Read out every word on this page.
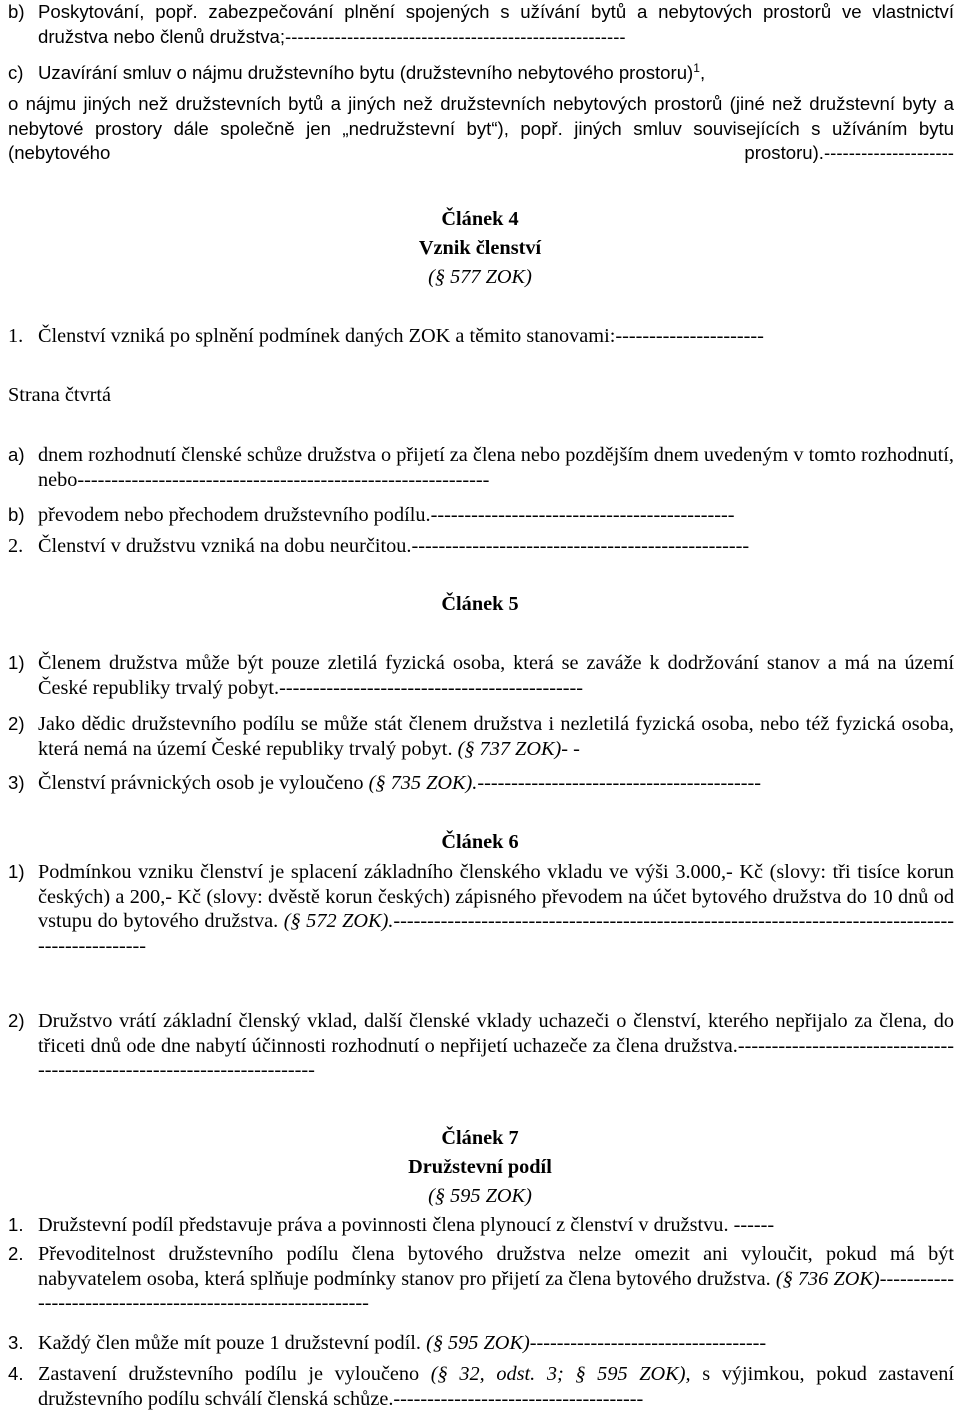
b) Poskytování, popř. zabezpečování plnění spojených s užívání bytů a nebytových prostorů ve vlastnictví družstva nebo členů družstva;-------------------------------------------------------
c) Uzavírání smluv o nájmu družstevního bytu (družstevního nebytového prostoru)$^1$,
o nájmu jiných než družstevních bytů a jiných než družstevních nebytových prostorů (jiné než družstevní byty a nebytové prostory dále společně jen „nedružstevní byt“), popř. jiných smluv souvisejících s užíváním bytu (nebytového prostoru).---------------------
Článek 4
Vznik členství
(§ 577 ZOK)
1. Členství vzniká po splnění podmínek daných ZOK a těmito stanovami:----------------------
Strana čtvrtá
a) dnem rozhodnutí členské schůze družstva o přijetí za člena nebo pozdějším dnem uvedeným v tomto rozhodnutí, nebo-------------------------------------------------------------
b) převodem nebo přechodem družstevního podílu.---------------------------------------------
2. Členství v družstvu vzniká na dobu neurčitou.--------------------------------------------------
Článek 5
1) Členem družstva může být pouze zletilá fyzická osoba, která se zaváže k dodržování stanov a má na území České republiky trvalý pobyt.---------------------------------------------
2) Jako dědic družstevního podílu se může stát členem družstva i nezletilá fyzická osoba, nebo též fyzická osoba, která nemá na území České republiky trvalý pobyt. (§ 737 ZOK)- -
3) Členství právnických osob je vyloučeno (§ 735 ZOK).------------------------------------------
Článek 6
1) Podmínkou vzniku členství je splacení základního členského vkladu ve výši 3.000,- Kč (slovy: tři tisíce korun českých) a 200,- Kč (slovy: dvěstě korun českých) zápisného převodem na účet bytového družstva do 10 dnů od vstupu do bytového družstva. (§ 572 ZOK).---------------------------------------------------------------------------------------------------
2) Družstvo vrátí základní členský vklad, další členské vklady uchazeči o členství, kterého nepřijalo za člena, do třiceti dnů ode dne nabytí účinnosti rozhodnutí o nepřijetí uchazeče za člena družstva.-------------------------------------------------------------------------
Článek 7
Družstevní podíl
(§ 595 ZOK)
1. Družstevní podíl představuje práva a povinnosti člena plynoucí z členství v družstvu. ------
2. Převoditelnost družstevního podílu člena bytového družstva nelze omezit ani vyloučit, pokud má být nabyvatelem osoba, která splňuje podmínky stanov pro přijetí za člena bytového družstva. (§ 736 ZOK)------------------------------------------------------------
3. Každý člen může mít pouze 1 družstevní podíl. (§ 595 ZOK)-----------------------------------
4. Zastavení družstevního podílu je vyloučeno (§ 32, odst. 3; § 595 ZOK), s výjimkou, pokud zastavení družstevního podílu schválí členská schůze.-------------------------------------
